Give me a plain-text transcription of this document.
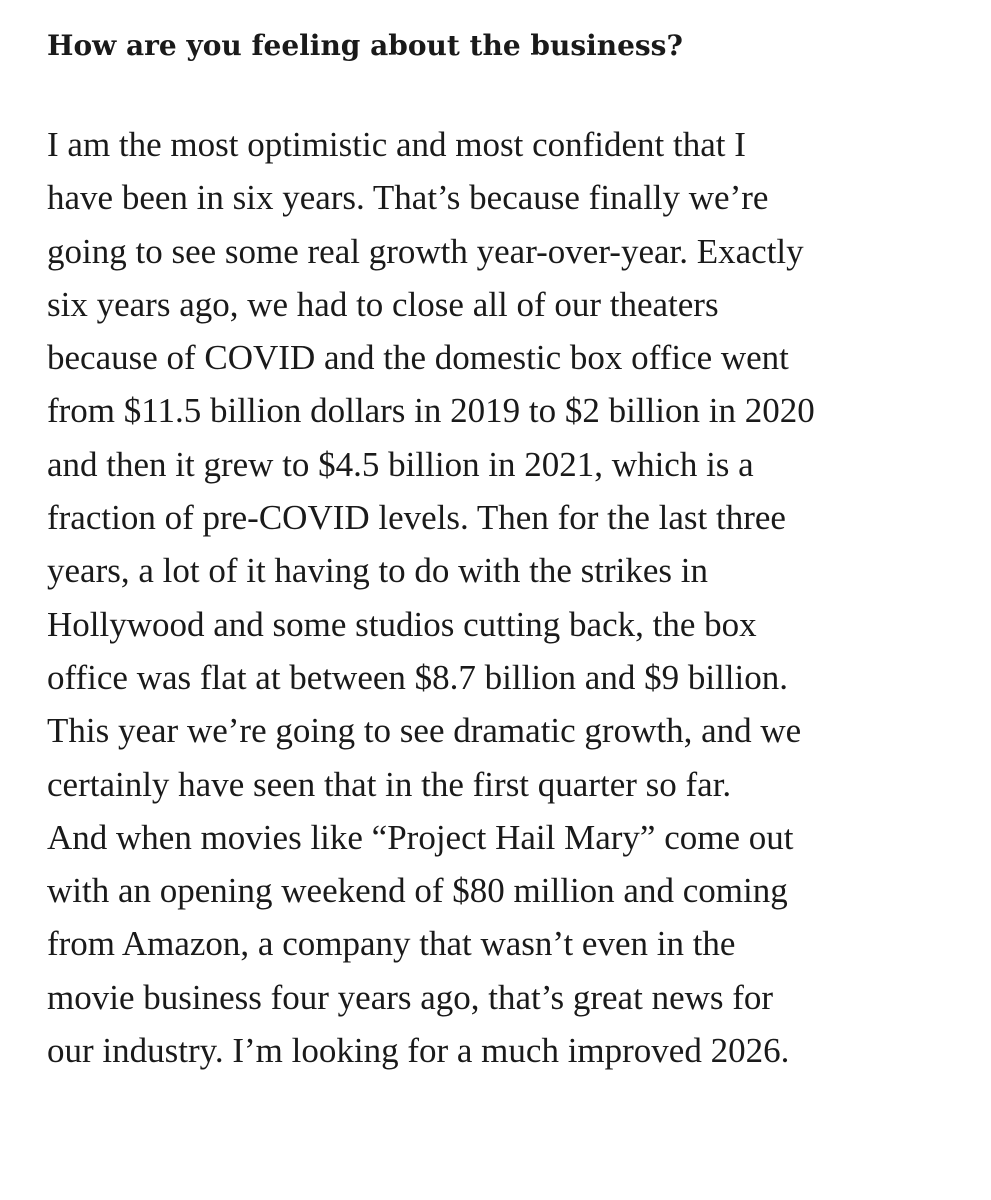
How are you feeling about the business?

I am the most optimistic and most confident that I
have been in six years. That’s because finally we’re
going to see some real growth year-over-year. Exactly
six years ago, we had to close all of our theaters
because of COVID and the domestic box office went
from $11.5 billion dollars in 2019 to $2 billion in 2020
and then it grew to $4.5 billion in 2021, which is a
fraction of pre-COVID levels. Then for the last three
years, a lot of it having to do with the strikes in
Hollywood and some studios cutting back, the box
office was flat at between $8.7 billion and $9 billion.
This year we’re going to see dramatic growth, and we
certainly have seen that in the first quarter so far.
And when movies like “Project Hail Mary” come out
with an opening weekend of $80 million and coming
from Amazon, a company that wasn’t even in the
movie business four years ago, that’s great news for
our industry. I’m looking for a much improved 2026.
